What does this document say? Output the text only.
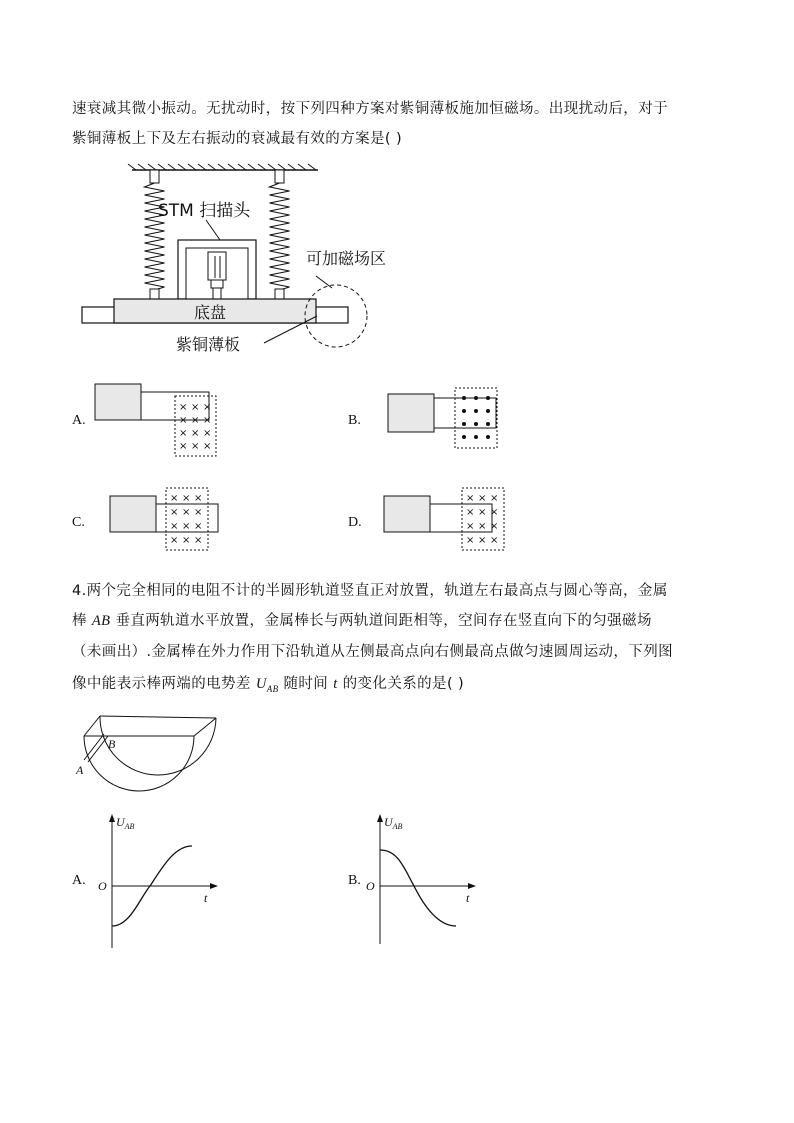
速衰减其微小振动。无扰动时，按下列四种方案对紫铜薄板施加恒磁场。出现扰动后，对于
紫铜薄板上下及左右振动的衰减最有效的方案是( )
STM 扫描头
可加磁场区
底盘
紫铜薄板
A.
× × ×
× × ×
× × ×
× × ×
B.
C.
× × ×
× × ×
× × ×
× × ×
D.
× × ×
× × ×
× × ×
× × ×
4.两个完全相同的电阻不计的半圆形轨道竖直正对放置，轨道左右最高点与圆心等高，金属
棒 AB 垂直两轨道水平放置，金属棒长与两轨道间距相等，空间存在竖直向下的匀强磁场
（未画出）.金属棒在外力作用下沿轨道从左侧最高点向右侧最高点做匀速圆周运动，下列图
像中能表示棒两端的电势差 $U_{AB}$ 随时间 t 的变化关系的是( )
A
B
A.
$U_{AB}$
O
t
B.
$U_{AB}$
O
t
